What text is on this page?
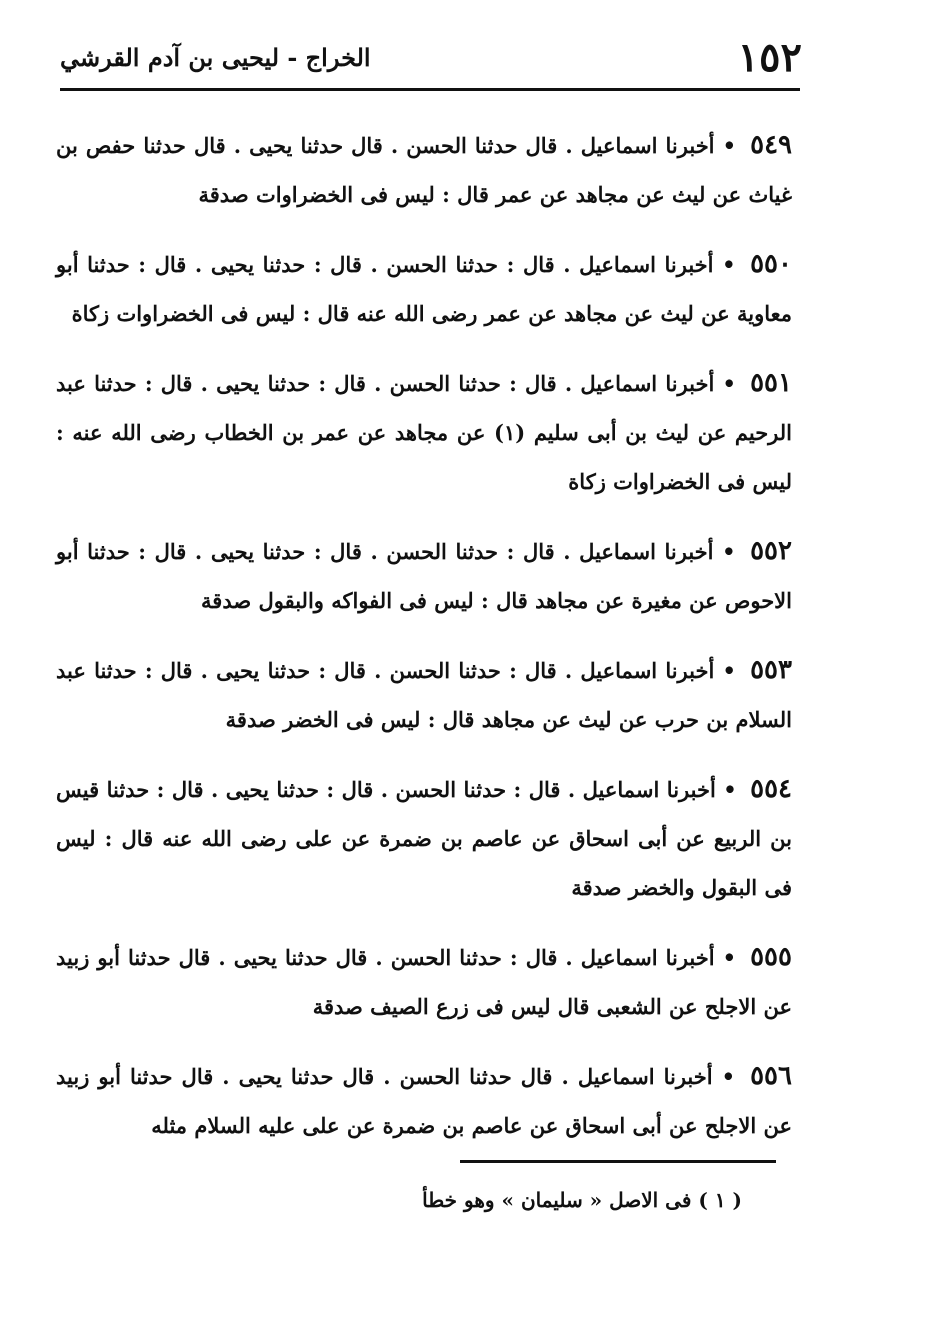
١٥٢
الخراج - ليحيى بن آدم القرشي

٥٤٩ • أخبرنا اسماعيل . قال حدثنا الحسن . قال حدثنا يحيى . قال حدثنا حفص بن غياث عن ليث عن مجاهد عن عمر قال : ليس فى الخضراوات صدقة

٥٥٠ • أخبرنا اسماعيل . قال : حدثنا الحسن . قال : حدثنا يحيى . قال : حدثنا أبو معاوية عن ليث عن مجاهد عن عمر رضى الله عنه قال : ليس فى الخضراوات زكاة

٥٥١ • أخبرنا اسماعيل . قال : حدثنا الحسن . قال : حدثنا يحيى . قال : حدثنا عبد الرحيم عن ليث بن أبى سليم (١) عن مجاهد عن عمر بن الخطاب رضى الله عنه : ليس فى الخضراوات زكاة

٥٥٢ • أخبرنا اسماعيل . قال : حدثنا الحسن . قال : حدثنا يحيى . قال : حدثنا أبو الاحوص عن مغيرة عن مجاهد قال : ليس فى الفواكه والبقول صدقة

٥٥٣ • أخبرنا اسماعيل . قال : حدثنا الحسن . قال : حدثنا يحيى . قال : حدثنا عبد السلام بن حرب عن ليث عن مجاهد قال : ليس فى الخضر صدقة

٥٥٤ • أخبرنا اسماعيل . قال : حدثنا الحسن . قال : حدثنا يحيى . قال : حدثنا قيس بن الربيع عن أبى اسحاق عن عاصم بن ضمرة عن على رضى الله عنه قال : ليس فى البقول والخضر صدقة

٥٥٥ • أخبرنا اسماعيل . قال : حدثنا الحسن . قال حدثنا يحيى . قال حدثنا أبو زبيد عن الاجلح عن الشعبى قال ليس فى زرع الصيف صدقة

٥٥٦ • أخبرنا اسماعيل . قال حدثنا الحسن . قال حدثنا يحيى . قال حدثنا أبو زبيد عن الاجلح عن أبى اسحاق عن عاصم بن ضمرة عن على عليه السلام مثله

( ١ ) فى الاصل « سليمان » وهو خطأ
